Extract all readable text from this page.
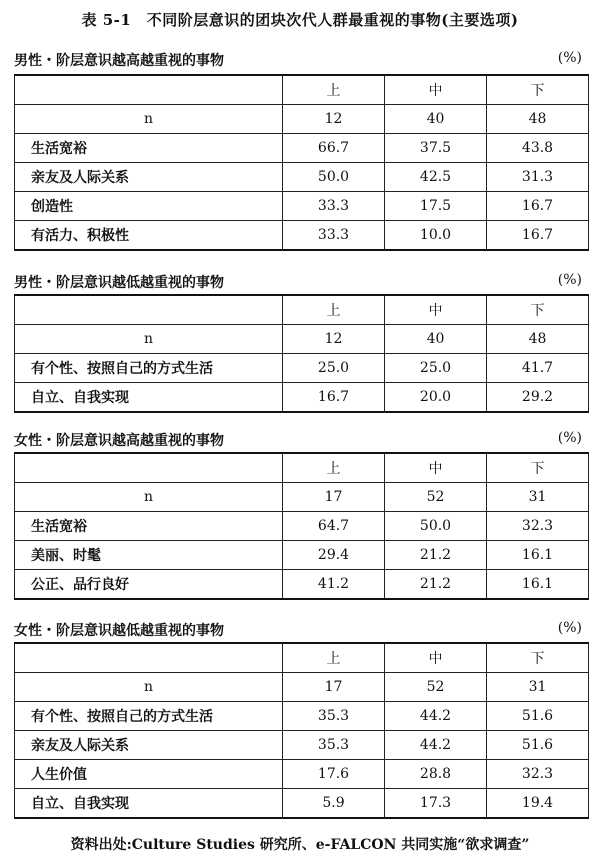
表 5-1　不同阶层意识的团块次代人群最重视的事物(主要选项)
男性・阶层意识越高越重视的事物	(%)
	上	中	下
n	12	40	48
生活宽裕	66.7	37.5	43.8
亲友及人际关系	50.0	42.5	31.3
创造性	33.3	17.5	16.7
有活力、积极性	33.3	10.0	16.7
男性・阶层意识越低越重视的事物	(%)
	上	中	下
n	12	40	48
有个性、按照自己的方式生活	25.0	25.0	41.7
自立、自我实现	16.7	20.0	29.2
女性・阶层意识越高越重视的事物	(%)
	上	中	下
n	17	52	31
生活宽裕	64.7	50.0	32.3
美丽、时髦	29.4	21.2	16.1
公正、品行良好	41.2	21.2	16.1
女性・阶层意识越低越重视的事物	(%)
	上	中	下
n	17	52	31
有个性、按照自己的方式生活	35.3	44.2	51.6
亲友及人际关系	35.3	44.2	51.6
人生价值	17.6	28.8	32.3
自立、自我实现	5.9	17.3	19.4
资料出处:Culture Studies 研究所、e-FALCON 共同实施“欲求调查”
